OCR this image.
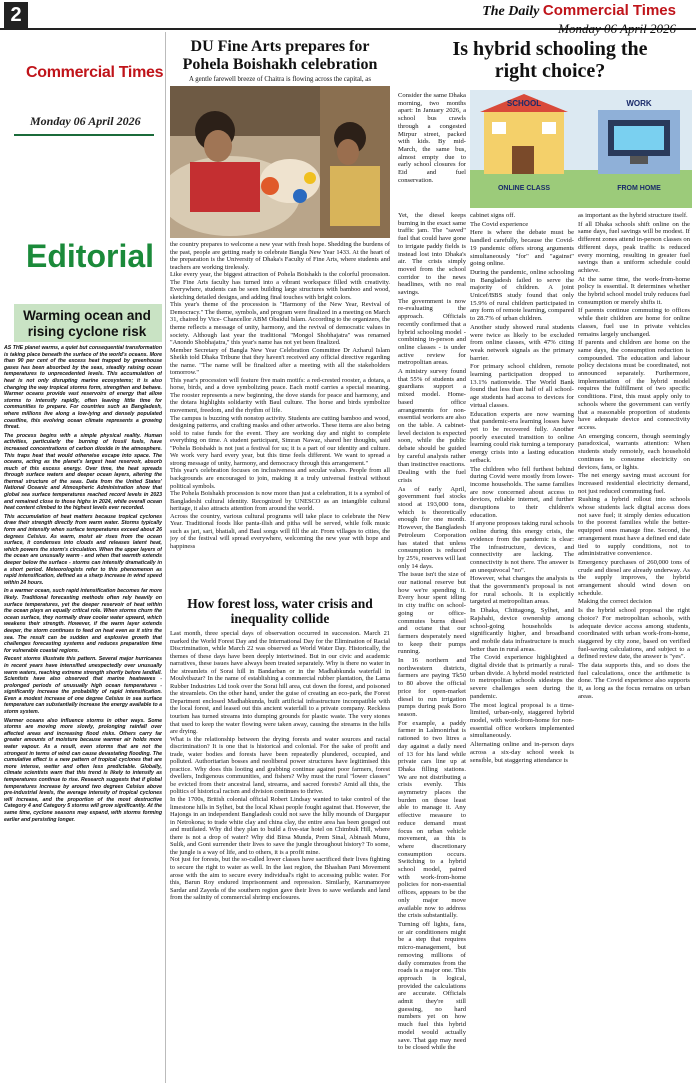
2	The Daily Commercial Times
Monday 06 April 2026
Commercial Times
Monday 06 April 2026
Editorial
Warming ocean and rising cyclone risk

AS THE planet warms, a quiet but consequential transformation is taking place beneath the surface of the world's oceans. More than 90 per cent of the excess heat trapped by greenhouse gases has been absorbed by the seas, steadily raising ocean temperatures to unprecedented levels. This accumulation of heat is not only disrupting marine ecosystems; it is also changing the way tropical storms form, strengthen and behave. Warmer oceans provide vast reservoirs of energy that allow storms to intensify rapidly, often leaving little time for communities to prepare. For countries such as Bangladesh, where millions live along a low-lying and densely populated coastline, this evolving ocean climate represents a growing threat.

The process begins with a simple physical reality. Human activities, particularly the burning of fossil fuels, have increased concentrations of carbon dioxide in the atmosphere. This traps heat that would otherwise escape into space. The oceans, acting as the planet's largest heat reservoir, absorb much of this excess energy. Over time, the heat spreads through surface waters and deeper ocean layers, altering the thermal structure of the seas. Data from the United States' National Oceanic and Atmospheric Administration show that global sea surface temperatures reached record levels in 2023 and remained close to those highs in 2024, while overall ocean heat content climbed to the highest levels ever recorded.

This accumulation of heat matters because tropical cyclones draw their strength directly from warm water. Storms typically form and intensify when surface temperatures exceed about 26 degrees Celsius. As warm, moist air rises from the ocean surface, it condenses into clouds and releases latent heat, which powers the storm's circulation. When the upper layers of the ocean are unusually warm - and when that warmth extends deeper below the surface - storms can intensify dramatically in a short period. Meteorologists refer to this phenomenon as rapid intensification, defined as a sharp increase in wind speed within 24 hours.

In a warmer ocean, such rapid intensification becomes far more likely. Traditional forecasting methods often rely heavily on surface temperatures, yet the deeper reservoir of heat within the ocean plays an equally critical role. When storms churn the ocean surface, they normally draw cooler water upward, which weakens their strength. However, if the warm layer extends deeper, the storm continues to feed on heat even as it stirs the sea. The result can be sudden and explosive growth that challenges forecasting systems and reduces preparation time for vulnerable coastal regions.

Recent storms illustrate this pattern. Several major hurricanes in recent years have intensified unexpectedly over unusually warm waters, reaching extreme strength shortly before landfall. Scientists have also observed that marine heatwaves - prolonged periods of unusually high ocean temperatures - significantly increase the probability of rapid intensification. Even a modest increase of one degree Celsius in sea surface temperature can substantially increase the energy available to a storm system.

Warmer oceans also influence storms in other ways. Some storms are moving more slowly, prolonging rainfall over affected areas and increasing flood risks. Others carry far greater amounts of moisture because warmer air holds more water vapour. As a result, even storms that are not the strongest in terms of wind can cause devastating flooding. The cumulative effect is a new pattern of tropical cyclones that are more intense, wetter and often less predictable. Globally, climate scientists warn that this trend is likely to intensify as temperatures continue to rise. Research suggests that if global temperatures increase by around two degrees Celsius above pre-industrial levels, the average intensity of tropical cyclones will increase, and the proportion of the most destructive Category 4 and Category 5 storms will grow significantly. At the same time, cyclone seasons may expand, with storms forming earlier and persisting longer.

DU Fine Arts prepares for Pohela Boishakh celebration
A gentle farewell breeze of Chaitra is flowing across the capital, as

the country prepares to welcome a new year with fresh hope. Shedding the burdens of the past, people are getting ready to celebrate Bangla New Year 1433. At the heart of the preparation is the University of Dhaka's Faculty of Fine Arts, where students and teachers are working tirelessly.

Like every year, the biggest attraction of Pohela Boishakh is the colorful procession. The Fine Arts faculty has turned into a vibrant workspace filled with creativity. Everywhere, students can be seen building large structures with bamboo and wood, sketching detailed designs, and adding final touches with bright colors.

This year's theme of the procession is "Harmony of the New Year, Revival of Democracy." The theme, symbols, and program were finalized in a meeting on March 31, chaired by Vice- Chancellor ABM Obaidul Islam. According to the organizers, the theme reflects a message of unity, harmony, and the revival of democratic values in society. Although last year the traditional "Mongol Shobhajatra" was renamed "Anondo Shobhajatra," this year's name has not yet been finalized.

Member Secretary of Bangla New Year Celebration Committee Dr Azharul Islam Sheikh told Dhaka Tribune that they haven't received any official directive regarding the name. "The name will be finalized after a meeting with all the stakeholders tomorrow."

This year's procession will feature five main motifs: a red-crested rooster, a dotara, a horse, birds, and a dove symbolizing peace. Each motif carries a special meaning. The rooster represents a new beginning, the dove stands for peace and harmony, and the dotara highlights solidarity with Baul culture. The horse and birds symbolize movement, freedom, and the rhythm of life.

The campus is buzzing with nonstop activity. Students are cutting bamboo and wood, designing patterns, and crafting masks and other artworks. These items are also being sold to raise funds for the event. They are working day and night to complete everything on time. A student participant, Simran Nawaz, shared her thoughts, said "Pohela Boishakh is not just a festival for us; it is a part of our identity and culture. We work very hard every year, but this time feels different. We want to spread a strong message of unity, harmony, and democracy through this arrangement."

This year's celebration focuses on inclusiveness and secular values. People from all backgrounds are encouraged to join, making it a truly universal festival without political symbols.

The Pohela Boishakh procession is now more than just a celebration, it is a symbol of Bangladeshi cultural identity. Recognized by UNESCO as an intangible cultural heritage, it also attracts attention from around the world.

Across the country, various cultural programs will take place to celebrate the New Year. Traditional foods like panta-ilish and pitha will be served, while folk music such as jari, sari, bhatiali, and Baul songs will fill the air. From villages to cities, the joy of the festival will spread everywhere, welcoming the new year with hope and happiness

How forest loss, water crisis and inequality collide

Last month, three special days of observation occurred in succession. March 21 marked the World Forest Day and the International Day for the Elimination of Racial Discrimination, while March 22 was observed as World Water Day. Historically, the themes of these days have been deeply intertwined. But in our civic and academic narratives, these issues have always been treated separately. Why is there no water in the streamlets of Sorai hill in Bandarban or in the Madhabkunda waterfall in Moulvibazar? In the name of establishing a commercial rubber plantation, the Lama Rubber Industries Ltd took over the Sorai hill area, cut down the forest, and poisoned the streamlets. On the other hand, under the guise of creating an eco-park, the Forest Department enclosed Madhabkunda, built artificial infrastructure incompatible with the local forest, and leased out this ancient waterfall to a private company. Reckless tourism has turned streams into dumping grounds for plastic waste. The very stones that used to keep the water flowing were taken away, causing the streams in the hills are drying.

What is the relationship between the drying forests and water sources and racial discrimination? It is one that is historical and colonial. For the sake of profit and trade, water bodies and forests have been repeatedly plundered, occupied, and polluted. Authoritarian bosses and neoliberal power structures have legitimised this practice. Why does this looting and grabbing continue against poor farmers, forest dwellers, Indigenous communities, and fishers? Why must the rural "lower classes" be evicted from their ancestral land, streams, and sacred forests? Amid all this, the politics of historical racism and division continues to thrive.

In the 1700s, British colonial official Robert Lindsay wanted to take control of the limestone hills in Sylhet, but the local Khasi people fought against that. However, the Hajongs in an independent Bangladesh could not save the hilly mounds of Durgapur in Netrokona; to trade white clay and china clay, the entire area has been gouged out and mutilated. Why did they plan to build a five-star hotel on Chimbuk Hill, where there is not a drop of water? Why did Birsa Munda, Prem Sinal, Abinash Munu, Sulik, and Goni surrender their lives to save the jungle throughout history? To some, the jungle is a way of life, and to others, it is a profit mine.

Not just for forests, but the so-called lower classes have sacrificed their lives fighting to secure the right to water as well. In the last region, the Bhashan Pani Movement arose with the aim to secure every individual's right to accessing public water. For this, Barun Roy endured imprisonment and repression. Similarly, Karunamoyee Sardar and Zayeda of the southern region gave their lives to save wetlands and land from the salinity of commercial shrimp enclosures.

Is hybrid schooling the
right choice?
SCHOOL	WORK
ONLINE CLASS	FROM HOME

Consider the same Dhaka morning, two months apart: In January 2026, a school bus crawls through a congested Mirpur street, packed with kids. By mid-March, the same bus, almost empty due to early school closures for Eid and fuel conservation.

Yet, the diesel keeps burning in the exact same traffic jam. The "saved" fuel that could have gone to irrigate paddy fields is instead lost into Dhaka's air. The crisis simply moved from the school corridor to the news headlines, with no real savings.

The government is now re-evaluating the approach. Officials recently confirmed that a hybrid schooling model - combining in-person and online classes - is under active review for metropolitan areas.

A ministry survey found that 55% of students and guardians support a mixed model. Home-based office arrangements for non-essential workers are also on the table. A cabinet-level decision is expected soon, while the public debate should be guided by careful analysis rather than instinctive reactions.

Dealing with the fuel crisis

As of early April, government fuel stocks stood at 193,000 tons, which is theoretically enough for one month. However, the Bangladesh Petroleum Corporation has stated that unless consumption is reduced by 25%, reserves will last only 14 days.

The issue isn't the size of our national reserve but how we're spending it. Every hour spent idling in city traffic on school-going or office-commutes burns diesel and octane that our farmers desperately need to keep their pumps running.

In 16 northern and northwestern districts, farmers are paying Tk50 to 80 above the official price for open-market diesel to run irrigation pumps during peak Boro season.

For example, a paddy farmer in Lalmonirhat is rationed to two litres a day against a daily need of 13 for his land while private cars line up at Dhaka filling stations. We are not distributing a crisis evenly. This asymmetry places the burden on those least able to manage it. Any effective measure to reduce demand must focus on urban vehicle movement, as this is where discretionary consumption occurs. Switching to a hybrid school model, paired with work-from-home policies for non-essential offices, appears to be the only major move available now to address the crisis substantially.

Turning off lights, fans, or air conditioners might be a step that requires micro-management, but removing millions of daily commutes from the roads is a major one. This approach is logical, provided the calculations are accurate. Officials admit they're still guessing, no hard numbers yet on how much fuel this hybrid model would actually save. That gap may need to be closed while the

cabinet signs off.

The Covid experience

Here is where the debate must be handled carefully, because the Covid-19 pandemic offers strong arguments simultaneously "for" and "against" going online.

During the pandemic, online schooling in Bangladesh failed to serve the majority of children. A joint Unicef/BBS study found that only 15.9% of rural children participated in any form of remote learning, compared to 28.7% of urban children.

Another study showed rural students were twice as likely to be excluded from online classes, with 47% citing weak network signals as the primary barrier.

For primary school children, remote learning participation dropped to 13.1% nationwide. The World Bank found that less than half of all school-age students had access to devices for virtual classes.

Education experts are now warning that pandemic-era learning losses have yet to be recovered fully. Another poorly executed transition to online learning could risk turning a temporary energy crisis into a lasting education setback.

The children who fell furthest behind during Covid were mostly from lower-income households. The same families are now concerned about access to devices, reliable internet, and further disruptions to their children's education.

If anyone proposes taking rural schools online during this energy crisis, the evidence from the pandemic is clear: The infrastructure, devices, and connectivity are lacking. The connectivity is not there. The answer is an unequivocal "no".

However, what changes the analysis is that the government's proposal is not for rural schools. It is explicitly targeted at metropolitan areas.

In Dhaka, Chittagong, Sylhet, and Rajshahi, device ownership among school-going households is significantly higher, and broadband and mobile data infrastructure is much better than in rural areas.

The Covid experience highlighted a digital divide that is primarily a rural-urban divide. A hybrid model restricted to metropolitan schools sidesteps the severe challenges seen during the pandemic.

The most logical proposal is a time-limited, urban-only, staggered hybrid model, with work-from-home for non-essential office workers implemented simultaneously.

Alternating online and in-person days across a six-day school week is sensible, but staggering attendance is

as important as the hybrid structure itself.

If all Dhaka schools shift online on the same days, fuel savings will be modest. If different zones attend in-person classes on different days, peak traffic is reduced every morning, resulting in greater fuel savings than a uniform schedule could achieve.

At the same time, the work-from-home policy is essential. It determines whether the hybrid school model truly reduces fuel consumption or merely shifts it.

If parents continue commuting to offices while their children are home for online classes, fuel use in private vehicles remains largely unchanged.

If parents and children are home on the same days, the consumption reduction is compounded. The education and labour policy decisions must be coordinated, not announced separately. Furthermore, implementation of the hybrid model requires the fulfillment of two specific conditions. First, this must apply only to schools where the government can verify that a reasonable proportion of students have adequate device and connectivity access.

An emerging concern, though seemingly paradoxical, warrants attention: When students study remotely, each household continues to consume electricity on devices, fans, or lights.

The net energy saving must account for increased residential electricity demand, not just reduced commuting fuel.

Rushing a hybrid rollout into schools whose students lack digital access does not save fuel; it simply denies education to the poorest families while the better-equipped ones manage fine. Second, the arrangement must have a defined end date tied to supply conditions, not to administrative convenience.

Emergency purchases of 260,000 tons of crude and diesel are already underway. As the supply improves, the hybrid arrangement should wind down on schedule.

Making the correct decision

Is the hybrid school proposal the right choice? For metropolitan schools, with adequate device access among students, coordinated with urban work-from-home, staggered by city zone, based on verified fuel-saving calculations, and subject to a defined review date, the answer is "yes".

The data supports this, and so does the fuel calculations, once the arithmetic is done. The Covid experience also supports it, as long as the focus remains on urban areas.
